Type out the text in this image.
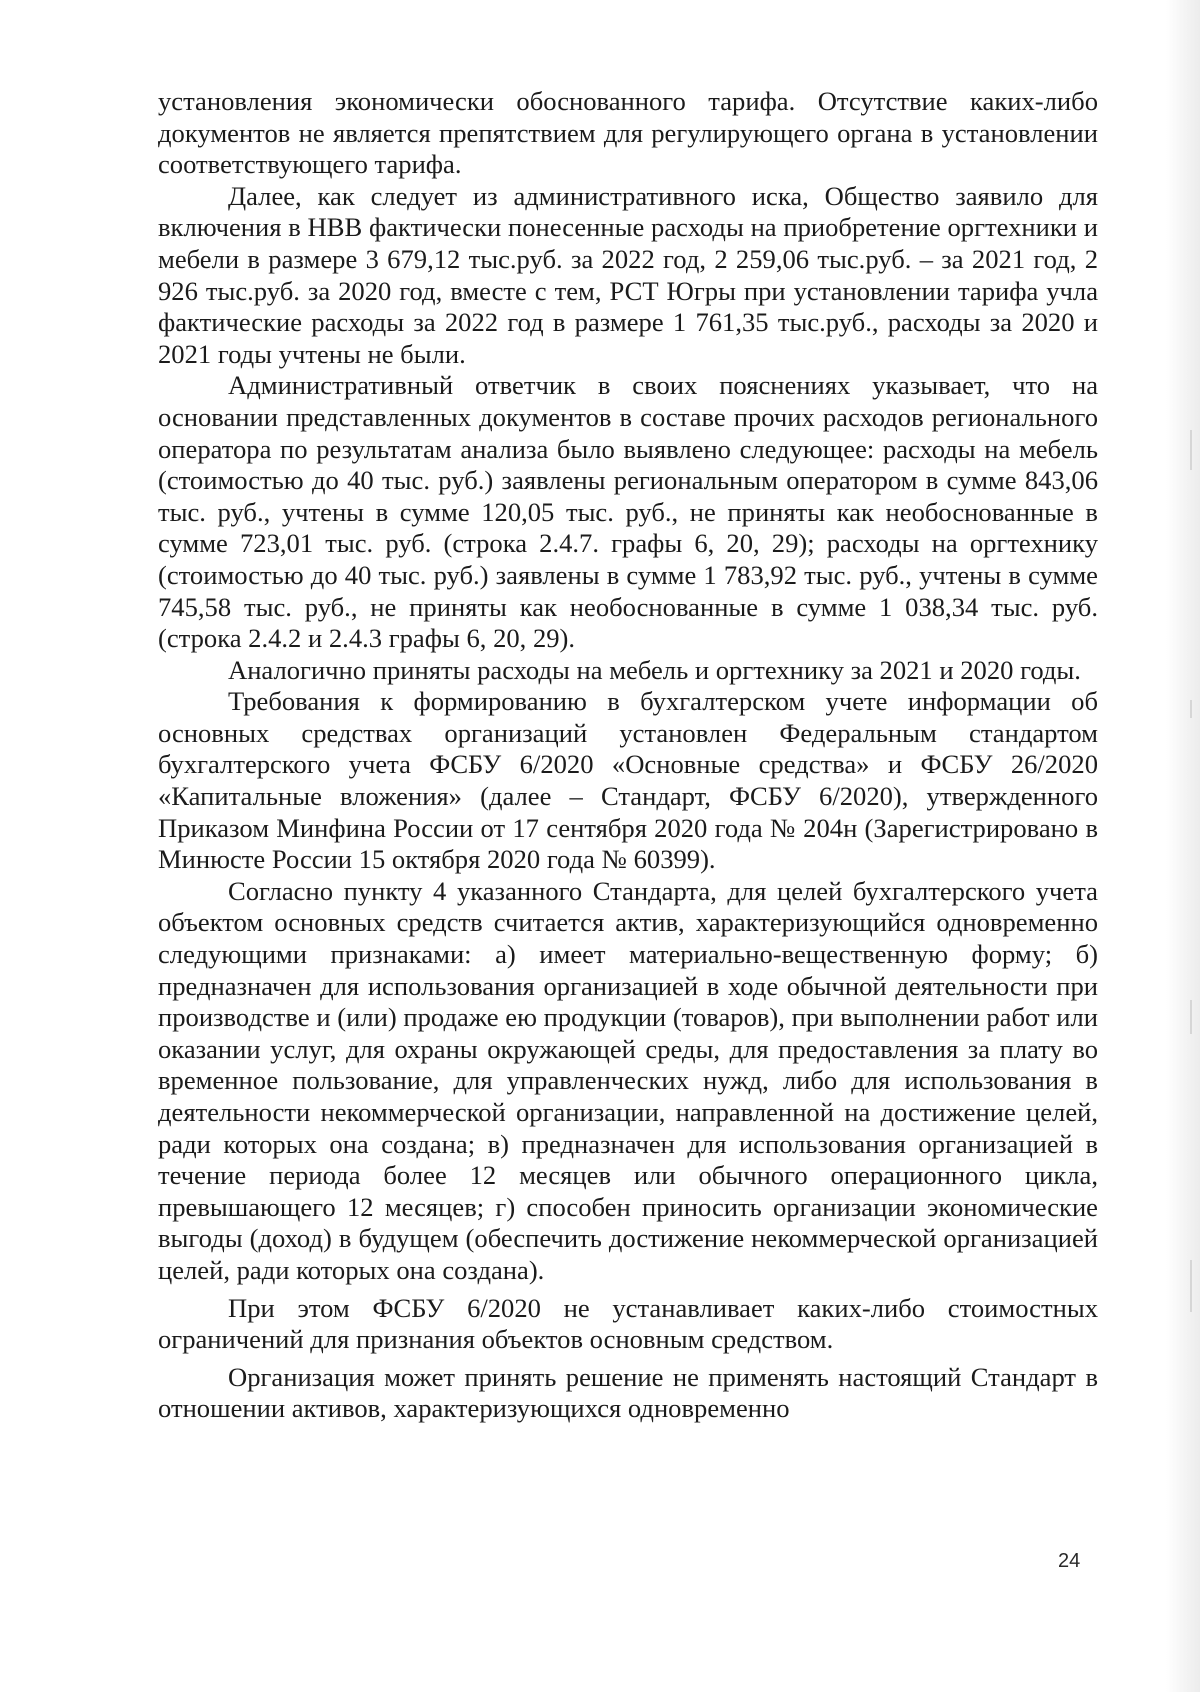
установления экономически обоснованного тарифа. Отсутствие каких-либо документов не является препятствием для регулирующего органа в установлении соответствующего тарифа.

Далее, как следует из административного иска, Общество заявило для включения в НВВ фактически понесенные расходы на приобретение оргтехники и мебели в размере 3 679,12 тыс.руб. за 2022 год, 2 259,06 тыс.руб. – за 2021 год, 2 926 тыс.руб. за 2020 год, вместе с тем, РСТ Югры при установлении тарифа учла фактические расходы за 2022 год в размере 1 761,35 тыс.руб., расходы за 2020 и 2021 годы учтены не были.

Административный ответчик в своих пояснениях указывает, что на основании представленных документов в составе прочих расходов регионального оператора по результатам анализа было выявлено следующее: расходы на мебель (стоимостью до 40 тыс. руб.) заявлены региональным оператором в сумме 843,06 тыс. руб., учтены в сумме 120,05 тыс. руб., не приняты как необоснованные в сумме 723,01 тыс. руб. (строка 2.4.7. графы 6, 20, 29); расходы на оргтехнику (стоимостью до 40 тыс. руб.) заявлены в сумме 1 783,92 тыс. руб., учтены в сумме 745,58 тыс. руб., не приняты как необоснованные в сумме 1 038,34 тыс. руб. (строка 2.4.2 и 2.4.3 графы 6, 20, 29).

Аналогично приняты расходы на мебель и оргтехнику за 2021 и 2020 годы.

Требования к формированию в бухгалтерском учете информации об основных средствах организаций установлен Федеральным стандартом бухгалтерского учета ФСБУ 6/2020 «Основные средства» и ФСБУ 26/2020 «Капитальные вложения» (далее – Стандарт, ФСБУ 6/2020), утвержденного Приказом Минфина России от 17 сентября 2020 года № 204н (Зарегистрировано в Минюсте России 15 октября 2020 года № 60399).

Согласно пункту 4 указанного Стандарта, для целей бухгалтерского учета объектом основных средств считается актив, характеризующийся одновременно следующими признаками: а) имеет материально-вещественную форму; б) предназначен для использования организацией в ходе обычной деятельности при производстве и (или) продаже ею продукции (товаров), при выполнении работ или оказании услуг, для охраны окружающей среды, для предоставления за плату во временное пользование, для управленческих нужд, либо для использования в деятельности некоммерческой организации, направленной на достижение целей, ради которых она создана; в) предназначен для использования организацией в течение периода более 12 месяцев или обычного операционного цикла, превышающего 12 месяцев; г) способен приносить организации экономические выгоды (доход) в будущем (обеспечить достижение некоммерческой организацией целей, ради которых она создана).

При этом ФСБУ 6/2020 не устанавливает каких-либо стоимостных ограничений для признания объектов основным средством.

Организация может принять решение не применять настоящий Стандарт в отношении активов, характеризующихся одновременно

24
